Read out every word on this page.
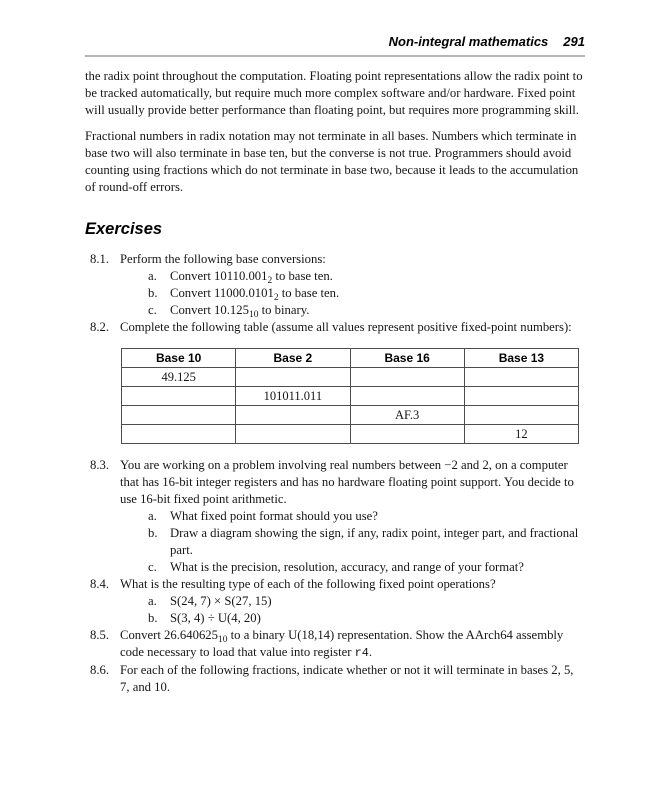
Non-integral mathematics 291

the radix point throughout the computation. Floating point representations allow the radix point to be tracked automatically, but require much more complex software and/or hardware. Fixed point will usually provide better performance than floating point, but requires more programming skill.

Fractional numbers in radix notation may not terminate in all bases. Numbers which terminate in base two will also terminate in base ten, but the converse is not true. Programmers should avoid counting using fractions which do not terminate in base two, because it leads to the accumulation of round-off errors.

Exercises
8.1. Perform the following base conversions:
a.	Convert $10110.001_2$ to base ten.
b. Convert $11000.0101_2$ to base ten.
c.	Convert $10.125_{10}$ to binary.
8.2. Complete the following table (assume all values represent positive fixed-point numbers):
Base 10	Base 2	Base 16	Base 13
49.125			
	101011.011		
		AF.3	
			12
8.3. You are working on a problem involving real numbers between −2 and 2, on a computer that has 16-bit integer registers and has no hardware floating point support. You decide to use 16-bit fixed point arithmetic.
a.	What fixed point format should you use?
b. Draw a diagram showing the sign, if any, radix point, integer part, and fractional part.
c.	What is the precision, resolution, accuracy, and range of your format?
8.4. What is the resulting type of each of the following fixed point operations?
a.	S(24, 7) × S(27, 15)
b. S(3, 4) ÷ U(4, 20)
8.5. Convert $26.640625_{10}$ to a binary U(18,14) representation. Show the AArch64 assembly code necessary to load that value into register r4.
8.6. For each of the following fractions, indicate whether or not it will terminate in bases 2, 5, 7, and 10.
